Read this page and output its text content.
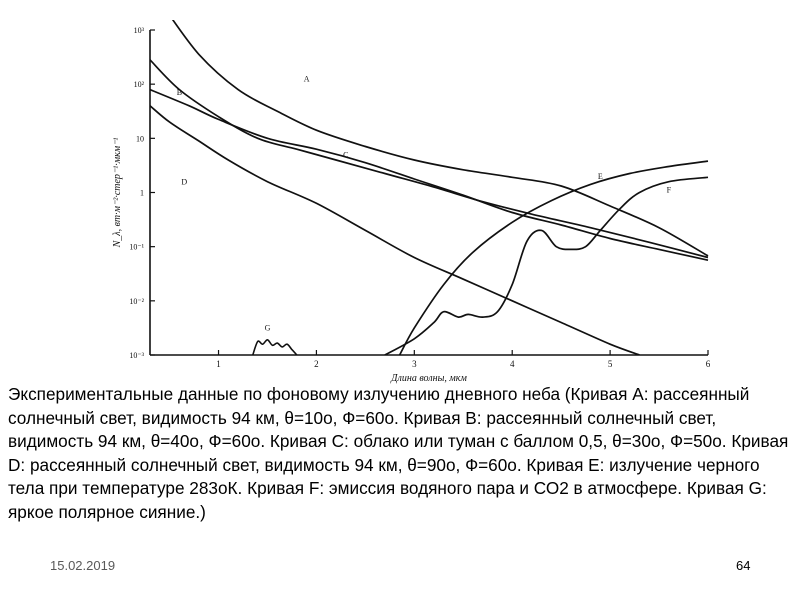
10⁻³
10⁻²
10⁻¹
1
10
10²
10³
1	2	3	4	5	6
Длина волны, мкм
N_λ, вт·м⁻²·стер⁻¹·мкм⁻¹
A
B
C
D
E
F
G
Экспериментальные данные по фоновому излучению дневного неба (Кривая А: рассеянный солнечный свет, видимость 94 км, θ=10о, Ф=60о. Кривая В: рассеянный солнечный свет, видимость 94 км, θ=40о, Ф=60о. Кривая С: облако или туман с баллом 0,5, θ=30о, Ф=50о. Кривая D: рассеянный солнечный свет, видимость 94 км, θ=90о, Ф=60о. Кривая Е: излучение черного тела при температуре 283оК. Кривая F: эмиссия водяного пара и СО2 в атмосфере. Кривая G: яркое полярное сияние.)
15.02.2019	64
